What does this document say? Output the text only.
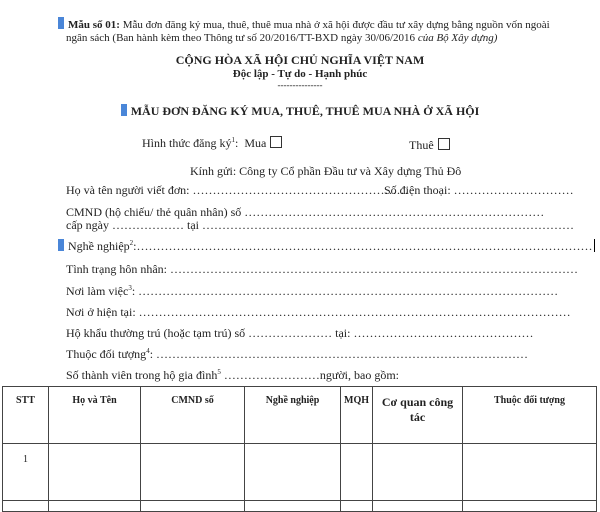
Mẫu số 01: Mẫu đơn đăng ký mua, thuê, thuê mua nhà ở xã hội được đầu tư xây dựng bằng nguồn vốn ngoài
ngân sách (Ban hành kèm theo Thông tư số 20/2016/TT-BXD ngày 30/06/2016 của Bộ Xây dựng)
CỘNG HÒA XÃ HỘI CHỦ NGHĨA VIỆT NAM
Độc lập - Tự do - Hạnh phúc
---------------
MẪU ĐƠN ĐĂNG KÝ MUA, THUÊ, THUÊ MUA NHÀ Ở XÃ HỘI
Hình thức đăng $ký^1$:  Mua	Thuê
Kính gửi: Công ty Cổ phần Đầu tư và Xây dựng Thủ Đô
Họ và tên người viết đơn: ………………………………………………
Số điện thoại: …………………………
CMND (hộ chiếu/ thẻ quân nhân) số …………………………………………………………………
cấp ngày ……………… tại …………………………………………………………………………………
Nghề nghiệp$^2$:……………………………………………………………………………………………………
Tình trạng hôn nhân: …………………………………………………………………………………………
Nơi làm việc$^3$: ……………………………………………………………………………………………
Nơi ở hiện tại: ………………………………………………………………………………………………
Hộ khẩu thường trú (hoặc tạm trú) số ………………… tại: ………………………………………
Thuộc đối tượng$^4$: …………………………………………………………………………………
Số thành viên trong hộ gia đình$^5$ ……………………người, bao gồm:
STT	Họ và Tên	CMND số	Nghề nghiệp	MQH	Cơ quan công tác	Thuộc đối tượng
1						
